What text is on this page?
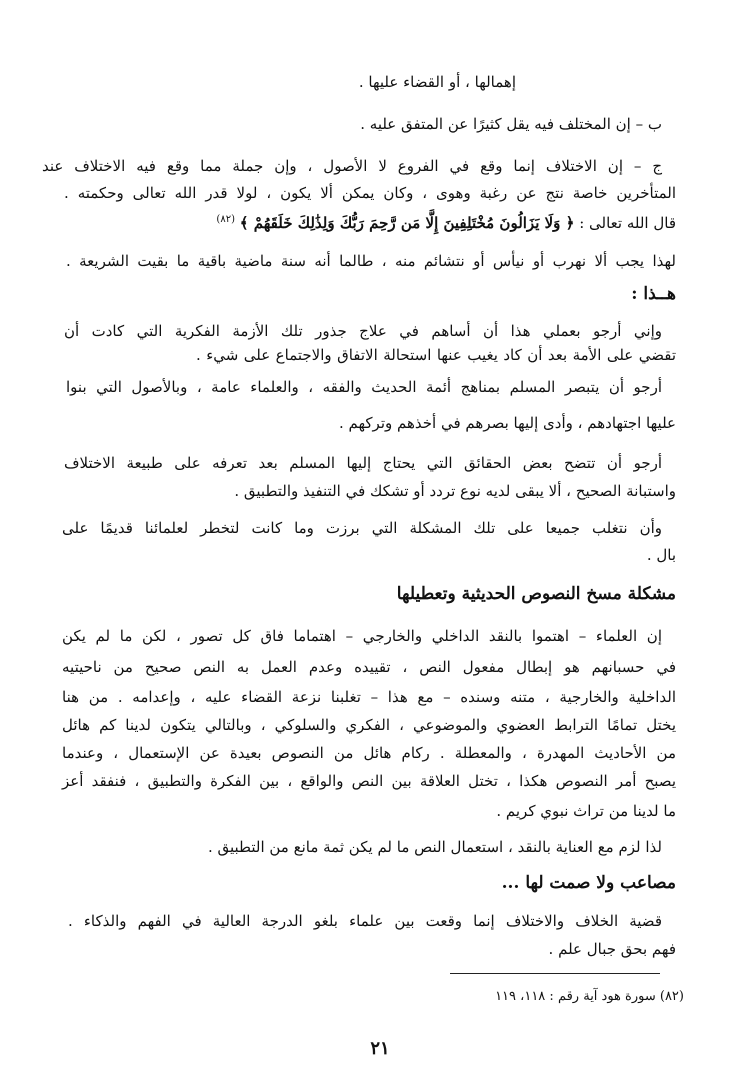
إهمالها ، أو القضاء عليها .
ب – إن المختلف فيه يقل كثيرًا عن المتفق عليه .
ج – إن الاختلاف إنما وقع في الفروع لا الأصول ، وإن جملة مما وقع فيه الاختلاف عند
المتأخرين خاصة نتج عن رغبة وهوى ، وكان يمكن ألا يكون ، لولا قدر الله تعالى وحكمته .
قال الله تعالى : ﴿ وَلَا يَزَالُونَ مُخْتَلِفِينَ إِلَّا مَن رَّحِمَ رَبُّكَ وَلِذَٰلِكَ خَلَقَهُمْ ﴾ $^{(٨٢)}$
لهذا يجب ألا نهرب أو نيأس أو نتشائم منه ، طالما أنه سنة ماضية باقية ما بقيت الشريعة .
هــذا :
وإني أرجو بعملي هذا أن أساهم في علاج جذور تلك الأزمة الفكرية التي كادت أن
تقضي على الأمة بعد أن كاد يغيب عنها استحالة الاتفاق والاجتماع على شيء .
أرجو أن يتبصر المسلم بمناهج أئمة الحديث والفقه ، والعلماء عامة ، وبالأصول التي بنوا
عليها اجتهادهم ، وأدى إليها بصرهم في أخذهم وتركهم .
أرجو أن تتضح بعض الحقائق التي يحتاج إليها المسلم بعد تعرفه على طبيعة الاختلاف
واستبانة الصحيح ، ألا يبقى لديه نوع تردد أو تشكك في التنفيذ والتطبيق .
وأن نتغلب جميعا على تلك المشكلة التي برزت وما كانت لتخطر لعلمائنا قديمًا على
بال .
مشكلة مسخ النصوص الحديثية وتعطيلها
إن العلماء – اهتموا بالنقد الداخلي والخارجي – اهتماما فاق كل تصور ، لكن ما لم يكن
في حسبانهم هو إبطال مفعول النص ، تقييده وعدم العمل به النص صحيح من ناحيتيه
الداخلية والخارجية ، متنه وسنده – مع هذا – تغلبنا نزعة القضاء عليه ، وإعدامه . من هنا
يختل تمامًا الترابط العضوي والموضوعي ، الفكري والسلوكي ، وبالتالي يتكون لدينا كم هائل
من الأحاديث المهدرة ، والمعطلة . ركام هائل من النصوص بعيدة عن الإستعمال ، وعندما
يصبح أمر النصوص هكذا ، تختل العلاقة بين النص والواقع ، بين الفكرة والتطبيق ، فنفقد أعز
ما لدينا من تراث نبوي كريم .
لذا لزم مع العناية بالنقد ، استعمال النص ما لم يكن ثمة مانع من التطبيق .
مصاعب ولا صمت لها ...
قضية الخلاف والاختلاف إنما وقعت بين علماء بلغو الدرجة العالية في الفهم والذكاء .
فهم بحق جبال علم .
(٨٢) سورة هود آية رقم : ١١٨، ١١٩
٢١
